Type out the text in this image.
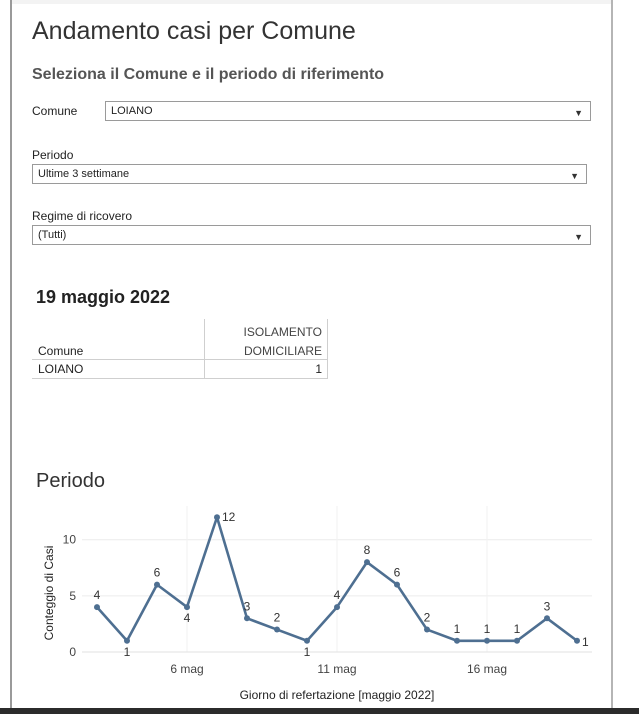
Andamento casi per Comune
Seleziona il Comune e il periodo di riferimento
Comune	LOIANO	▼
Periodo
Ultime 3 settimane	▼
Regime di ricovero
(Tutti)	▼
19 maggio 2022
Comune
ISOLAMENTO
DOMICILIARE
LOIANO	1
Periodo
0
5
10
6 mag	11 mag	16 mag
Conteggio di Casi
Giorno di refertazione [maggio 2022]
4
1
6
4
12
3
2
1
4
8
6
2
1 1 1
3
1
